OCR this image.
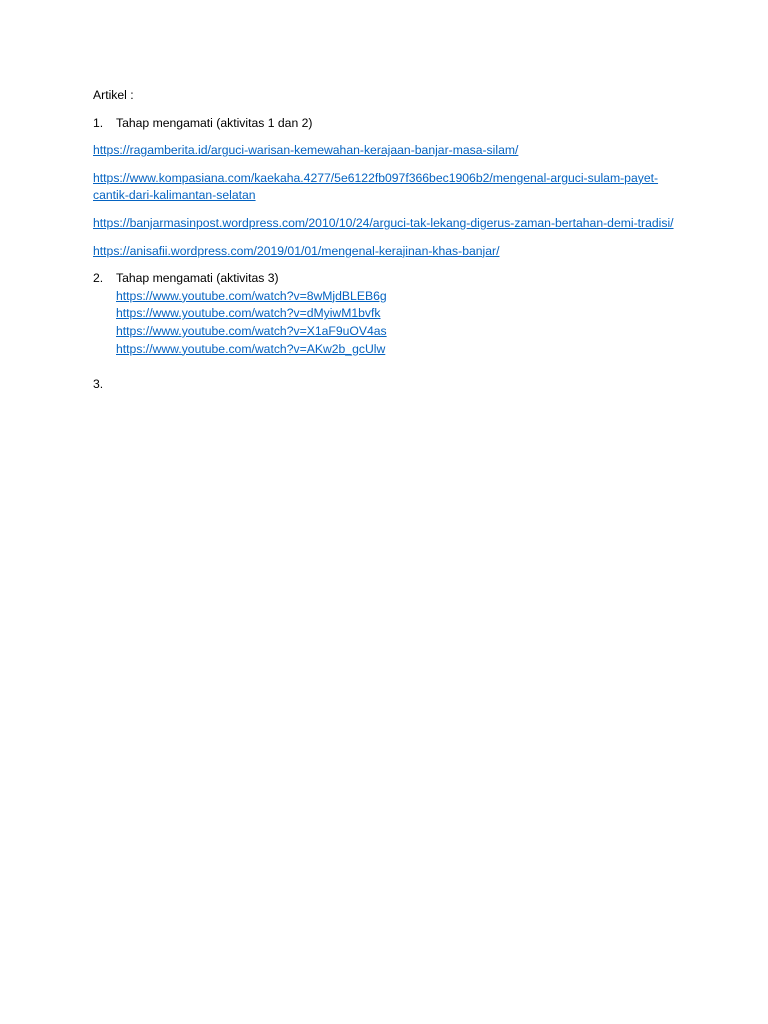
Artikel :

1.	Tahap mengamati (aktivitas 1 dan 2)
https://ragamberita.id/arguci-warisan-kemewahan-kerajaan-banjar-masa-silam/
https://www.kompasiana.com/kaekaha.4277/5e6122fb097f366bec1906b2/mengenal-arguci-sulam-payet-cantik-dari-kalimantan-selatan
https://banjarmasinpost.wordpress.com/2010/10/24/arguci-tak-lekang-digerus-zaman-bertahan-demi-tradisi/
https://anisafii.wordpress.com/2019/01/01/mengenal-kerajinan-khas-banjar/
2.	Tahap mengamati (aktivitas 3)
https://www.youtube.com/watch?v=8wMjdBLEB6g
https://www.youtube.com/watch?v=dMyiwM1bvfk
https://www.youtube.com/watch?v=X1aF9uOV4as
https://www.youtube.com/watch?v=AKw2b_gcUlw
3.
